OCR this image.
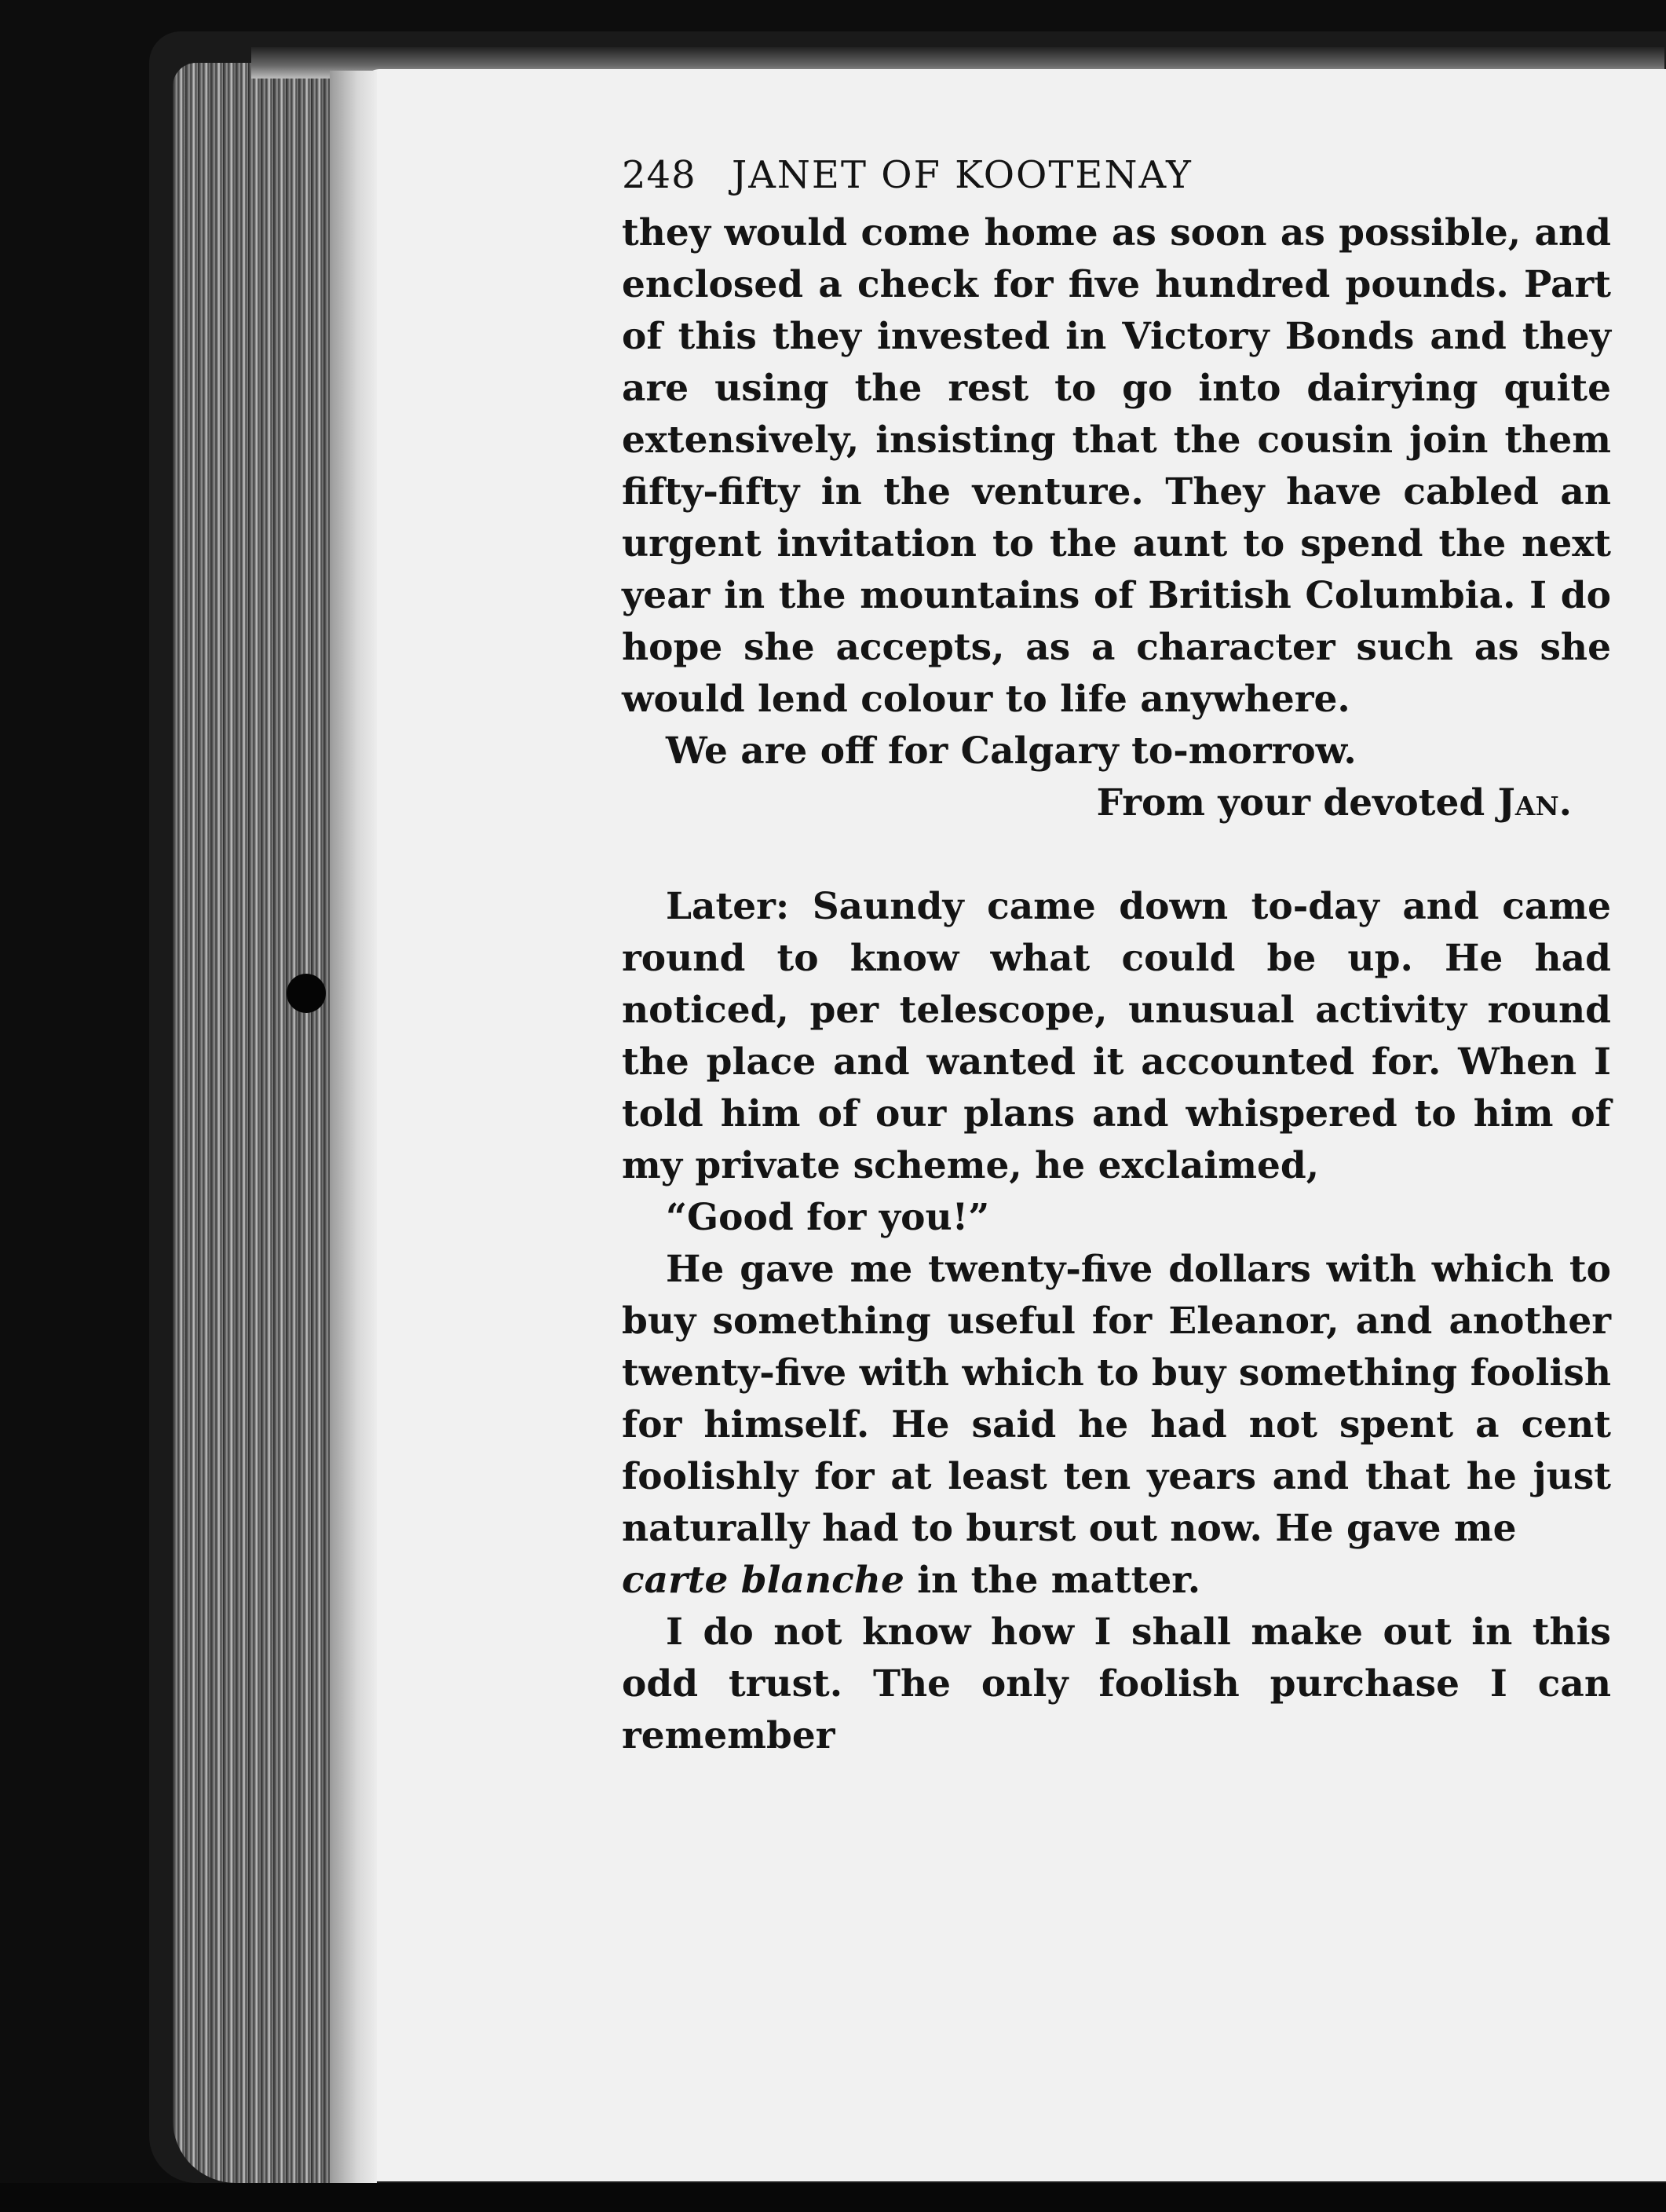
248 JANET OF KOOTENAY

they would come home as soon as possible, and enclosed a check for five hundred pounds. Part of this they invested in Victory Bonds and they are using the rest to go into dairying quite extensively, insisting that the cousin join them fifty-fifty in the venture. They have cabled an urgent invitation to the aunt to spend the next year in the mountains of British Columbia. I do hope she accepts, as a character such as she would lend colour to life anywhere.

We are off for Calgary to-morrow.

From your devoted Jan.

Later: Saundy came down to-day and came round to know what could be up. He had noticed, per telescope, unusual activity round the place and wanted it accounted for. When I told him of our plans and whispered to him of my private scheme, he exclaimed,

“Good for you!”

He gave me twenty-five dollars with which to buy something useful for Eleanor, and another twenty-five with which to buy something foolish for himself. He said he had not spent a cent foolishly for at least ten years and that he just naturally had to burst out now. He gave me
carte blanche in the matter.

I do not know how I shall make out in this odd trust. The only foolish purchase I can remember
